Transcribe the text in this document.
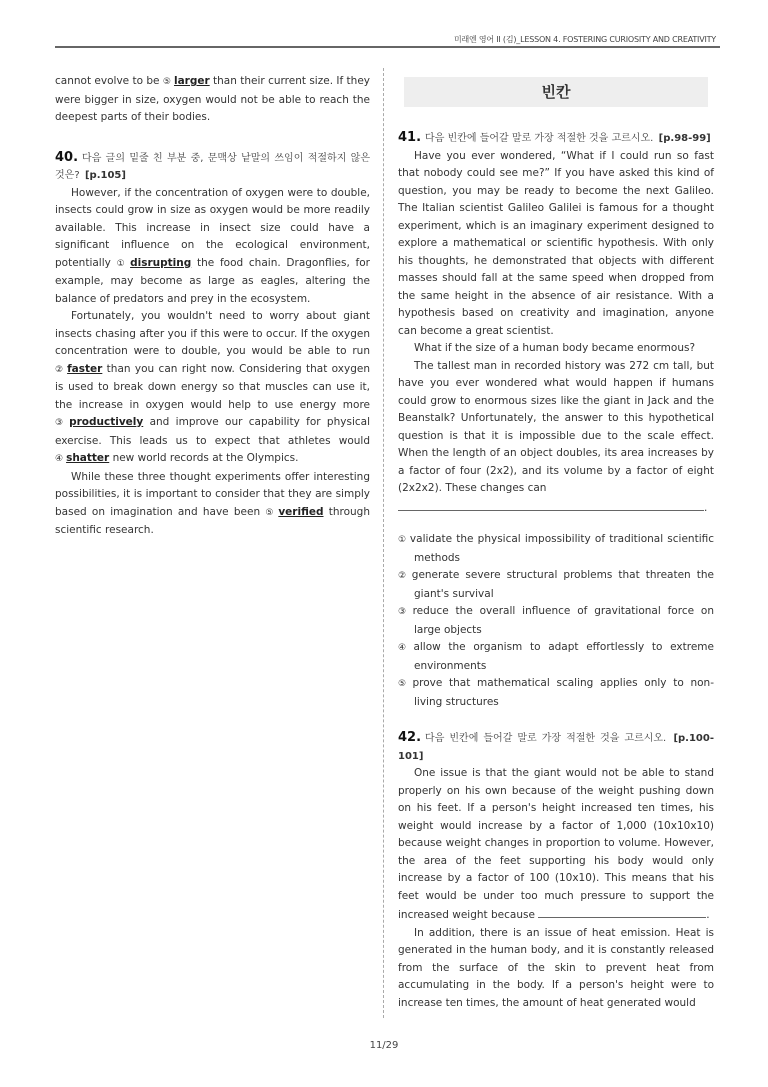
미래엔 영어 II (김)_LESSON 4. FOSTERING CURIOSITY AND CREATIVITY

cannot evolve to be ⑤ larger than their current size. If they were bigger in size, oxygen would not be able to reach the deepest parts of their bodies.

40. 다음 글의 밑줄 친 부분 중, 문맥상 낱말의 쓰임이 적절하지 않은 것은? [p.105]

However, if the concentration of oxygen were to double, insects could grow in size as oxygen would be more readily available. This increase in insect size could have a significant influence on the ecological environment, potentially ① disrupting the food chain. Dragonflies, for example, may become as large as eagles, altering the balance of predators and prey in the ecosystem.

Fortunately, you wouldn't need to worry about giant insects chasing after you if this were to occur. If the oxygen concentration were to double, you would be able to run ② faster than you can right now. Considering that oxygen is used to break down energy so that muscles can use it, the increase in oxygen would help to use energy more ③ productively and improve our capability for physical exercise. This leads us to expect that athletes would ④ shatter new world records at the Olympics.

While these three thought experiments offer interesting possibilities, it is important to consider that they are simply based on imagination and have been ⑤ verified through scientific research.

빈칸

41. 다음 빈칸에 들어갈 말로 가장 적절한 것을 고르시오. [p.98-99]

Have you ever wondered, “What if I could run so fast that nobody could see me?” If you have asked this kind of question, you may be ready to become the next Galileo. The Italian scientist Galileo Galilei is famous for a thought experiment, which is an imaginary experiment designed to explore a mathematical or scientific hypothesis. With only his thoughts, he demonstrated that objects with different masses should fall at the same speed when dropped from the same height in the absence of air resistance. With a hypothesis based on creativity and imagination, anyone can become a great scientist.

What if the size of a human body became enormous?

The tallest man in recorded history was 272 cm tall, but have you ever wondered what would happen if humans could grow to enormous sizes like the giant in Jack and the Beanstalk? Unfortunately, the answer to this hypothetical question is that it is impossible due to the scale effect. When the length of an object doubles, its area increases by a factor of four (2x2), and its volume by a factor of eight (2x2x2). These changes can
.

① validate the physical impossibility of traditional scientific methods
② generate severe structural problems that threaten the giant's survival
③ reduce the overall influence of gravitational force on large objects
④ allow the organism to adapt effortlessly to extreme environments
⑤ prove that mathematical scaling applies only to non-living structures

42. 다음 빈칸에 들어갈 말로 가장 적절한 것을 고르시오. [p.100-101]

One issue is that the giant would not be able to stand properly on his own because of the weight pushing down on his feet. If a person's height increased ten times, his weight would increase by a factor of 1,000 (10x10x10) because weight changes in proportion to volume. However, the area of the feet supporting his body would only increase by a factor of 100 (10x10). This means that his feet would be under too much pressure to support the increased weight because	.

In addition, there is an issue of heat emission. Heat is generated in the human body, and it is constantly released from the surface of the skin to prevent heat from accumulating in the body. If a person's height were to increase ten times, the amount of heat generated would

11/29
